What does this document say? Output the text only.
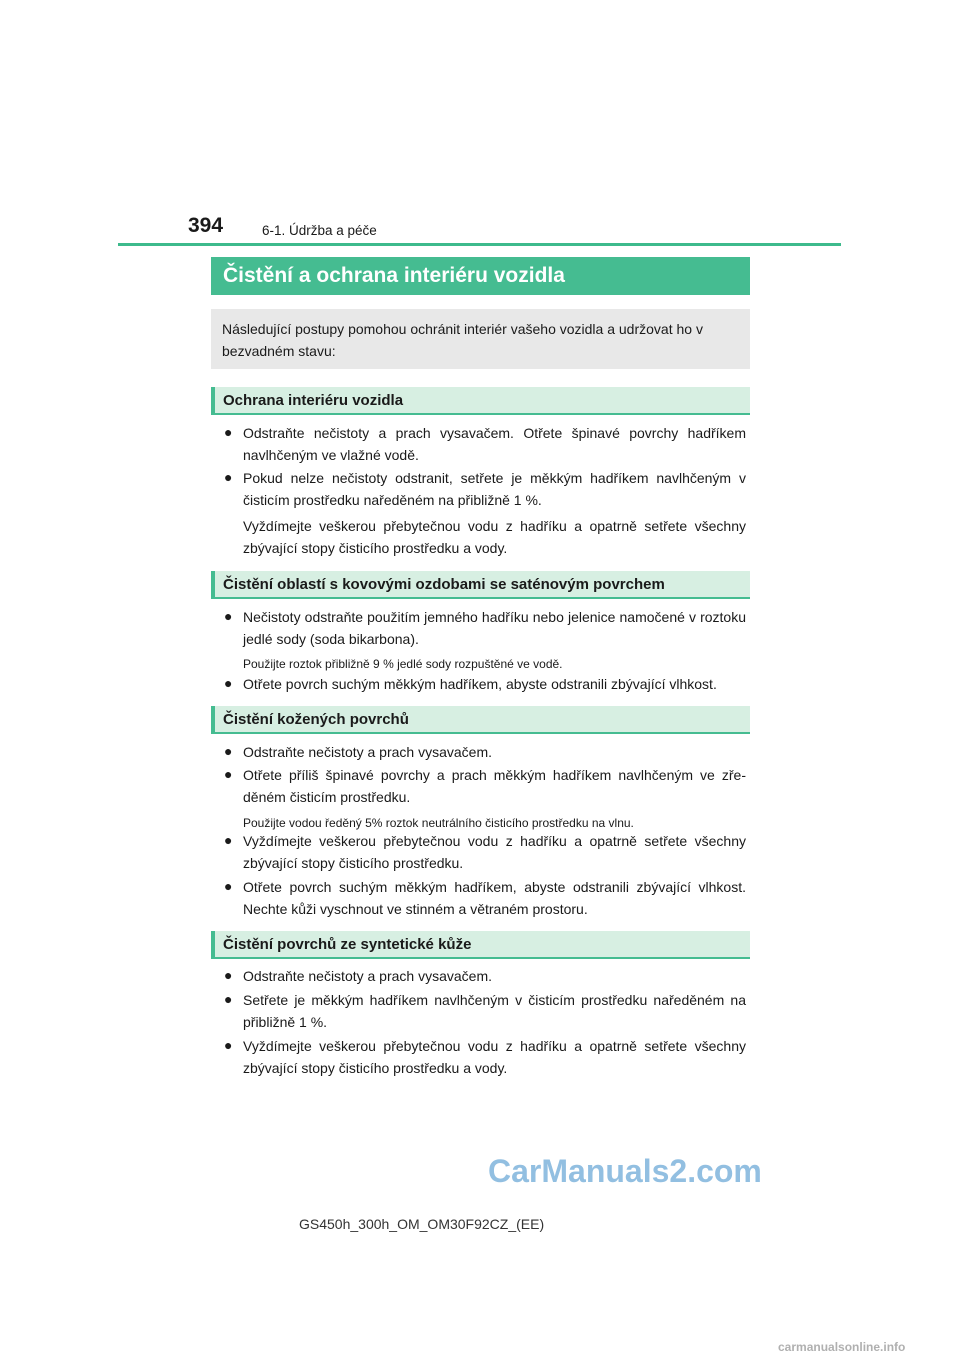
394	6-1. Údržba a péče
Čistění a ochrana interiéru vozidla
Následující postupy pomohou ochránit interiér vašeho vozidla a udržovat ho v bezvadném stavu:
Ochrana interiéru vozidla
● Odstraňte nečistoty a prach vysavačem. Otřete špinavé povrchy hadříkem navlhčeným ve vlažné vodě.
● Pokud nelze nečistoty odstranit, setřete je měkkým hadříkem navlhčeným v čisticím prostředku naředěném na přibližně 1 %.
Vyždímejte veškerou přebytečnou vodu z hadříku a opatrně setřete všechny zbývající stopy čisticího prostředku a vody.
Čistění oblastí s kovovými ozdobami se saténovým povrchem
● Nečistoty odstraňte použitím jemného hadříku nebo jelenice namočené v roztoku jedlé sody (soda bikarbona).
Použijte roztok přibližně 9 % jedlé sody rozpuštěné ve vodě.
● Otřete povrch suchým měkkým hadříkem, abyste odstranili zbývající vlhkost.
Čistění kožených povrchů
● Odstraňte nečistoty a prach vysavačem.
● Otřete příliš špinavé povrchy a prach měkkým hadříkem navlhčeným ve zře- děném čisticím prostředku.
Použijte vodou ředěný 5% roztok neutrálního čisticího prostředku na vlnu.
● Vyždímejte veškerou přebytečnou vodu z hadříku a opatrně setřete všechny zbývající stopy čisticího prostředku.
● Otřete povrch suchým měkkým hadříkem, abyste odstranili zbývající vlhkost. Nechte kůži vyschnout ve stinném a větraném prostoru.
Čistění povrchů ze syntetické kůže
● Odstraňte nečistoty a prach vysavačem.
● Setřete je měkkým hadříkem navlhčeným v čisticím prostředku naředěném na přibližně 1 %.
● Vyždímejte veškerou přebytečnou vodu z hadříku a opatrně setřete všechny zbývající stopy čisticího prostředku a vody.
CarManuals2.com
GS450h_300h_OM_OM30F92CZ_(EE)
carmanualsonline.info
